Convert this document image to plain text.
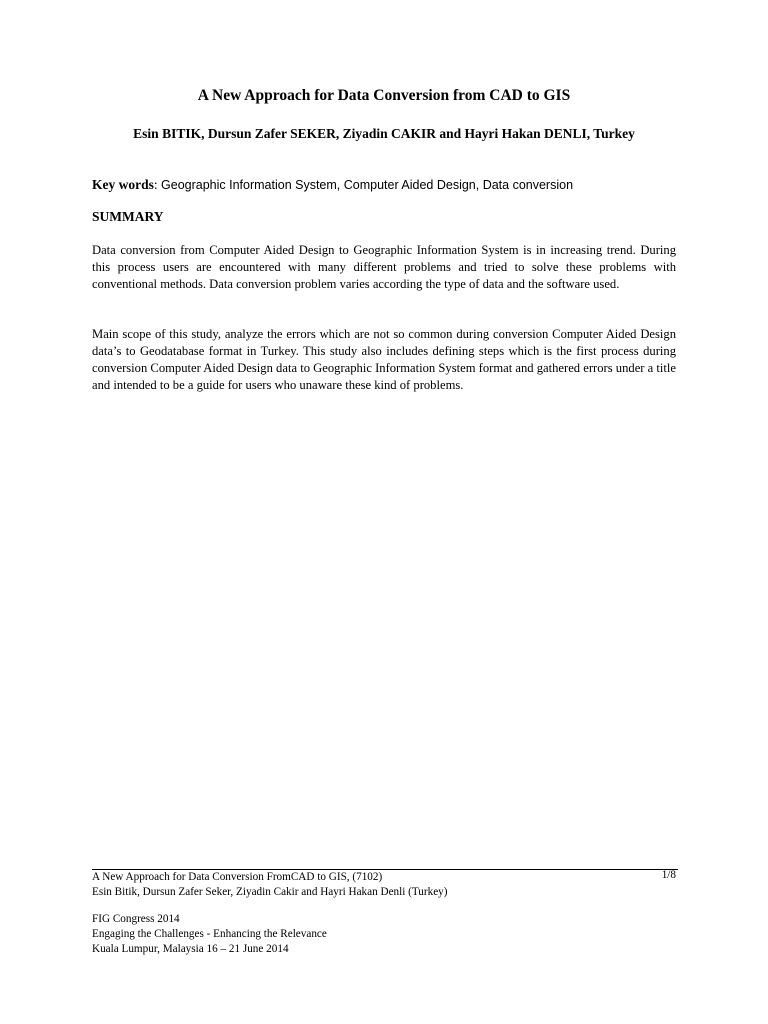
A New Approach for Data Conversion from CAD to GIS
Esin BITIK, Dursun Zafer SEKER, Ziyadin CAKIR and Hayri Hakan DENLI, Turkey
Key words: Geographic Information System, Computer Aided Design, Data conversion
SUMMARY

Data conversion from Computer Aided Design to Geographic Information System is in increasing trend. During this process users are encountered with many different problems and tried to solve these problems with conventional methods. Data conversion problem varies according the type of data and the software used.

Main scope of this study, analyze the errors which are not so common during conversion Computer Aided Design data’s to Geodatabase format in Turkey. This study also includes defining steps which is the first process during conversion Computer Aided Design data to Geographic Information System format and gathered errors under a title and intended to be a guide for users who unaware these kind of problems.

A New Approach for Data Conversion FromCAD to GIS, (7102)	1/8
Esin Bitik, Dursun Zafer Seker, Ziyadin Cakir and Hayri Hakan Denli (Turkey)
FIG Congress 2014
Engaging the Challenges - Enhancing the Relevance
Kuala Lumpur, Malaysia 16 – 21 June 2014
